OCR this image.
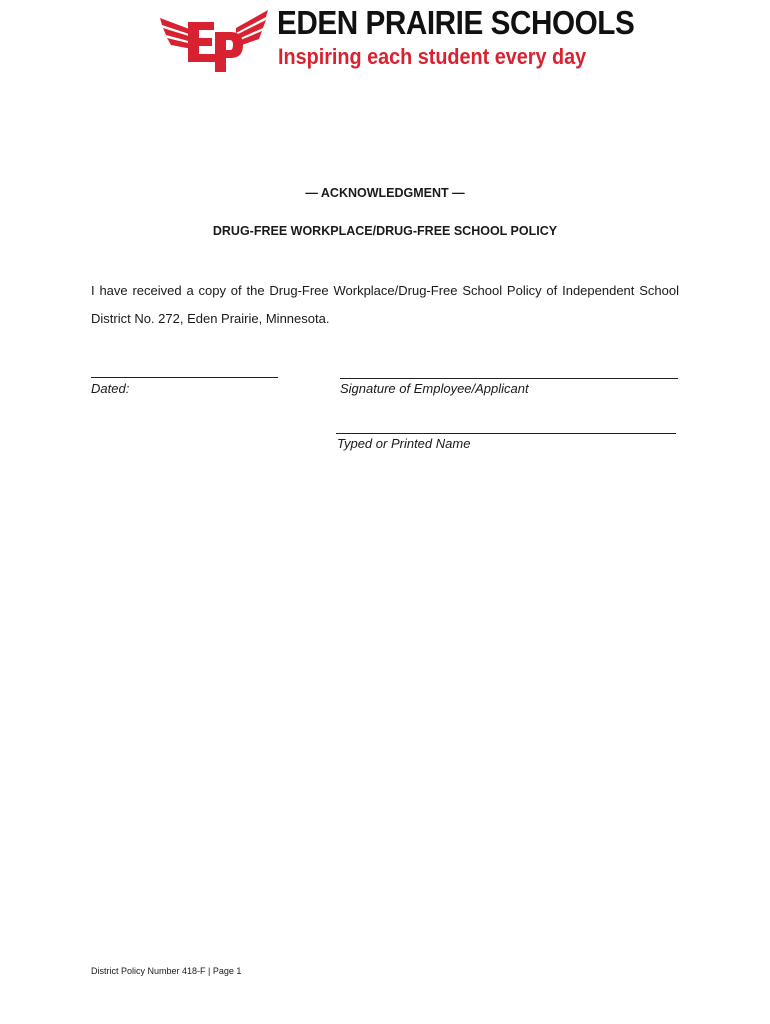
EDEN PRAIRIE SCHOOLS
Inspiring each student every day
— ACKNOWLEDGMENT —
DRUG-FREE WORKPLACE/DRUG-FREE SCHOOL POLICY
I have received a copy of the Drug-Free Workplace/Drug-Free School Policy of Independent School District No. 272, Eden Prairie, Minnesota.
Dated:	Signature of Employee/Applicant
Typed or Printed Name
District Policy Number 418-F | Page 1
